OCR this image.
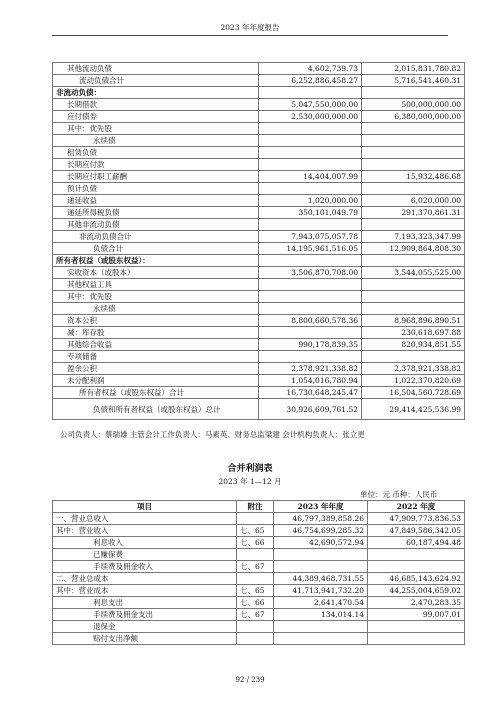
2023 年年度报告
其他流动负债	4,602,739.73	2,015,831,780.82
流动负债合计	6,252,886,458.27	5,716,541,460.31
非流动负债：		
长期借款	5,047,550,000.00	500,000,000.00
应付债券	2,530,000,000.00	6,380,000,000.00
其中：优先股		
永续债		
租赁负债		
长期应付款		
长期应付职工薪酬	14,404,007.99	15,932,486.68
预计负债		
递延收益	1,020,000.00	6,020,000.00
递延所得税负债	350,101,049.79	291,370,861.31
其他非流动负债		
非流动负债合计	7,943,075,057.78	7,193,323,347.99
负债合计	14,195,961,516.05	12,909,864,808.30
所有者权益（或股东权益）：		
实收资本（或股本）	3,506,870,708.00	3,544,055,525.00
其他权益工具		
其中：优先股		
永续债		
资本公积	8,800,660,578.36	8,968,896,890.51
减：库存股		230,618,697.88
其他综合收益	990,178,839.35	820,934,851.55
专项储备		
盈余公积	2,378,921,338.82	2,378,921,338.82
未分配利润	1,054,016,780.94	1,022,370,820.69
所有者权益（或股东权益）合计	16,730,648,245.47	16,504,560,728.69
负债和所有者权益（或股东权益）总计	30,926,609,761.52	29,414,425,536.99
公司负责人：蔡瑞雄 主管会计工作负责人：马素英、财务总监梁建 会计机构负责人：张立更
合并利润表
2023 年 1—12 月
单位：元 币种：人民币
项目	附注	2023 年年度	2022 年度
一、营业总收入		46,797,389,858.26	47,909,773,836.53
其中：营业收入	七、65	46,754,699,285.32	47,849,586,342.05
利息收入	七、66	42,690,572.94	60,187,494.48
已赚保费			
手续费及佣金收入	七、67		
二、营业总成本		44,389,468,731.55	46,685,143,624.92
其中：营业成本	七、65	41,713,941,732.20	44,255,004,659.02
利息支出	七、66	2,641,470.54	2,470,283.35
手续费及佣金支出	七、67	134,014.14	99,007.01
退保金			
赔付支出净额			
92 / 239
